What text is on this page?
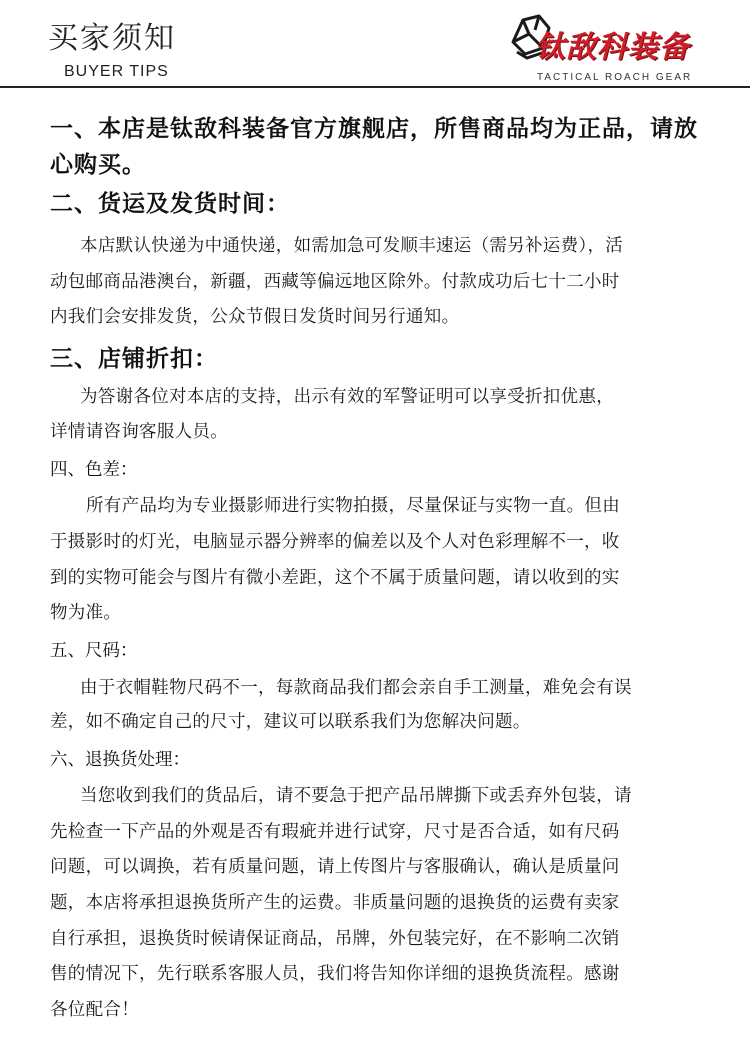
买家须知
BUYER TIPS
钛敌科装备
TACTICAL ROACH GEAR
一、本店是钛敌科装备官方旗舰店，所售商品均为正品，请放
心购买。
二、货运及发货时间：
本店默认快递为中通快递，如需加急可发顺丰速运（需另补运费），活
动包邮商品港澳台，新疆，西藏等偏远地区除外。付款成功后七十二小时
内我们会安排发货，公众节假日发货时间另行通知。
三、店铺折扣：
为答谢各位对本店的支持，出示有效的军警证明可以享受折扣优惠，
详情请咨询客服人员。
四、色差：
所有产品均为专业摄影师进行实物拍摄，尽量保证与实物一直。但由
于摄影时的灯光，电脑显示器分辨率的偏差以及个人对色彩理解不一，收
到的实物可能会与图片有微小差距，这个不属于质量问题，请以收到的实
物为准。
五、尺码：
由于衣帽鞋物尺码不一，每款商品我们都会亲自手工测量，难免会有误
差，如不确定自己的尺寸，建议可以联系我们为您解决问题。
六、退换货处理：
当您收到我们的货品后，请不要急于把产品吊牌撕下或丢弃外包装，请
先检查一下产品的外观是否有瑕疵并进行试穿，尺寸是否合适，如有尺码
问题，可以调换，若有质量问题，请上传图片与客服确认，确认是质量问
题，本店将承担退换货所产生的运费。非质量问题的退换货的运费有卖家
自行承担，退换货时候请保证商品，吊牌，外包装完好，在不影响二次销
售的情况下，先行联系客服人员，我们将告知你详细的退换货流程。感谢
各位配合！
